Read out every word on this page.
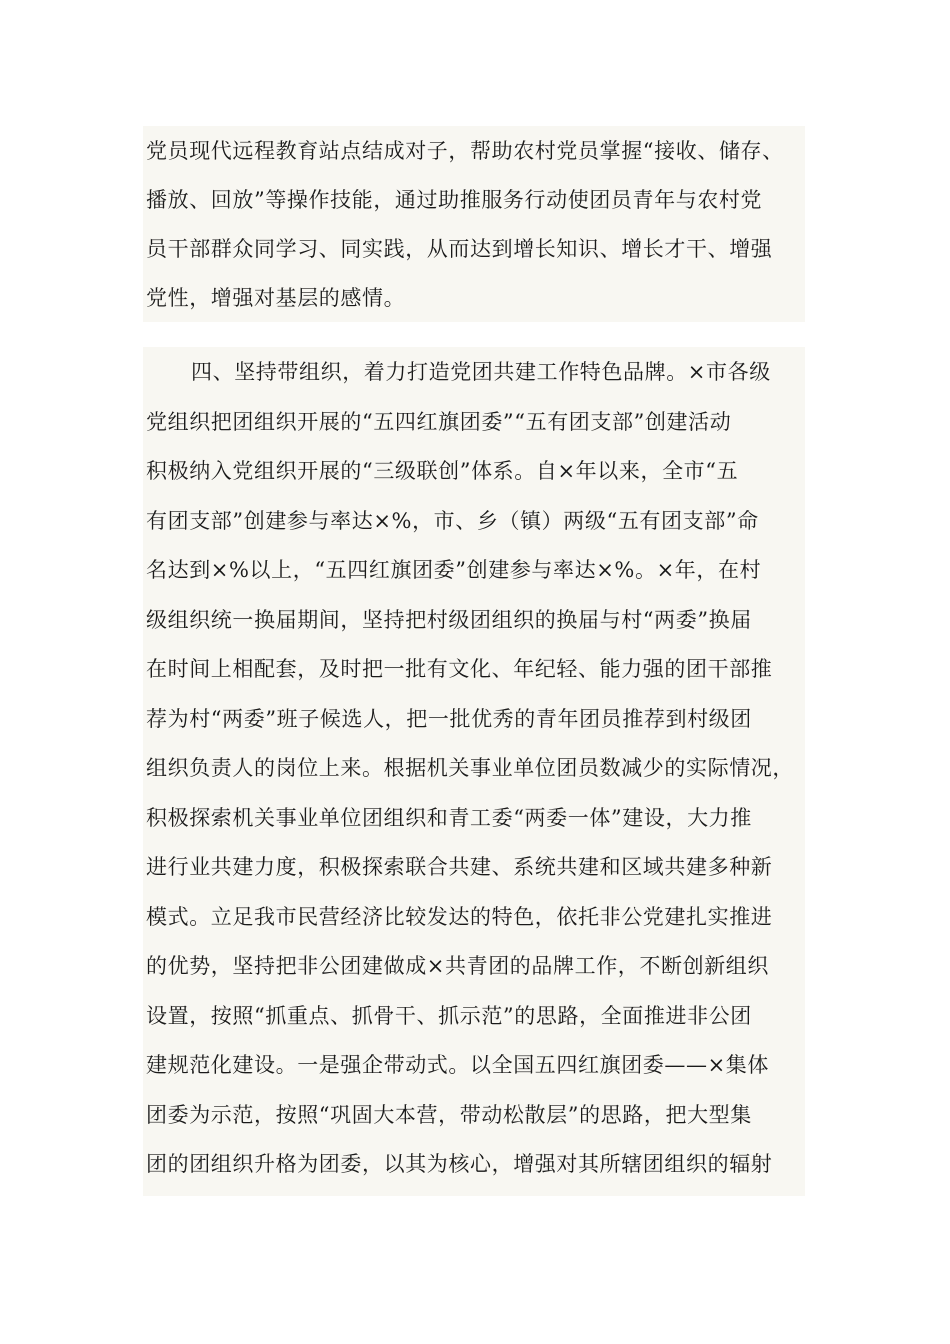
党员现代远程教育站点结成对子，帮助农村党员掌握“接收、储存、
播放、回放”等操作技能，通过助推服务行动使团员青年与农村党
员干部群众同学习、同实践，从而达到增长知识、增长才干、增强
党性，增强对基层的感情。
四、坚持带组织，着力打造党团共建工作特色品牌。×市各级
党组织把团组织开展的“五四红旗团委”“五有团支部”创建活动
积极纳入党组织开展的“三级联创”体系。自×年以来，全市“五
有团支部”创建参与率达×%，市、乡（镇）两级“五有团支部”命
名达到×%以上，“五四红旗团委”创建参与率达×%。×年，在村
级组织统一换届期间，坚持把村级团组织的换届与村“两委”换届
在时间上相配套，及时把一批有文化、年纪轻、能力强的团干部推
荐为村“两委”班子候选人，把一批优秀的青年团员推荐到村级团
组织负责人的岗位上来。根据机关事业单位团员数减少的实际情况，
积极探索机关事业单位团组织和青工委“两委一体”建设，大力推
进行业共建力度，积极探索联合共建、系统共建和区域共建多种新
模式。立足我市民营经济比较发达的特色，依托非公党建扎实推进
的优势，坚持把非公团建做成×共青团的品牌工作，不断创新组织
设置，按照“抓重点、抓骨干、抓示范”的思路，全面推进非公团
建规范化建设。一是强企带动式。以全国五四红旗团委——×集体
团委为示范，按照“巩固大本营，带动松散层”的思路，把大型集
团的团组织升格为团委，以其为核心，增强对其所辖团组织的辐射
